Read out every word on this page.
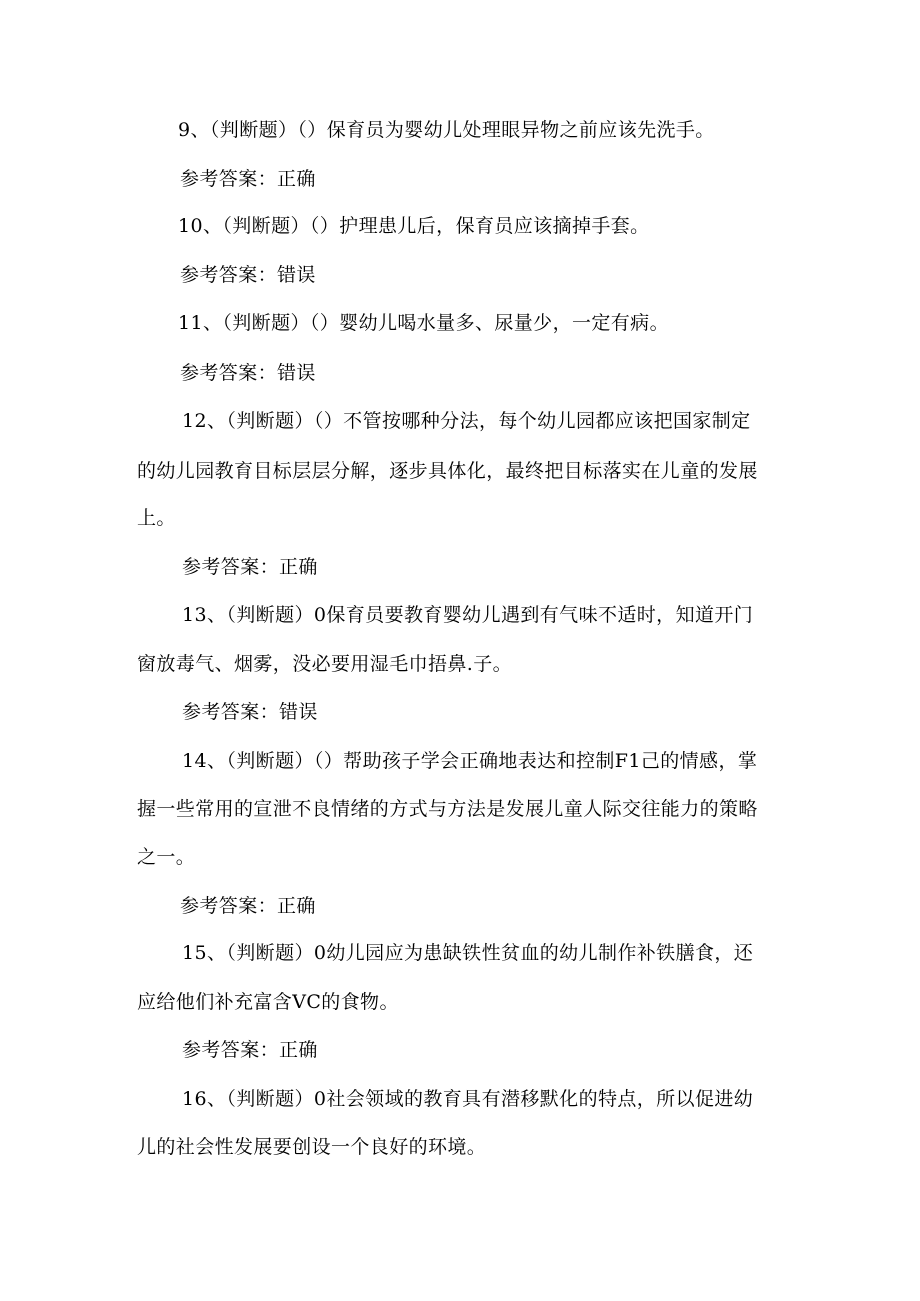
9、（判断题）（）保育员为婴幼儿处理眼异物之前应该先洗手。
参考答案：正确
10、（判断题）（）护理患儿后，保育员应该摘掉手套。
参考答案：错误
11、（判断题）（）婴幼儿喝水量多、尿量少，一定有病。
参考答案：错误
12、（判断题）（）不管按哪种分法，每个幼儿园都应该把国家制定
的幼儿园教育目标层层分解，逐步具体化，最终把目标落实在儿童的发展
上。
参考答案：正确
13、（判断题）0保育员要教育婴幼儿遇到有气味不适时，知道开门
窗放毒气、烟雾，没必要用湿毛巾捂鼻.子。
参考答案：错误
14、（判断题）（）帮助孩子学会正确地表达和控制F1己的情感，掌
握一些常用的宣泄不良情绪的方式与方法是发展儿童人际交往能力的策略
之一。
参考答案：正确
15、（判断题）0幼儿园应为患缺铁性贫血的幼儿制作补铁膳食，还
应给他们补充富含VC的食物。
参考答案：正确
16、（判断题）0社会领域的教育具有潜移默化的特点，所以促进幼
儿的社会性发展要创设一个良好的环境。
